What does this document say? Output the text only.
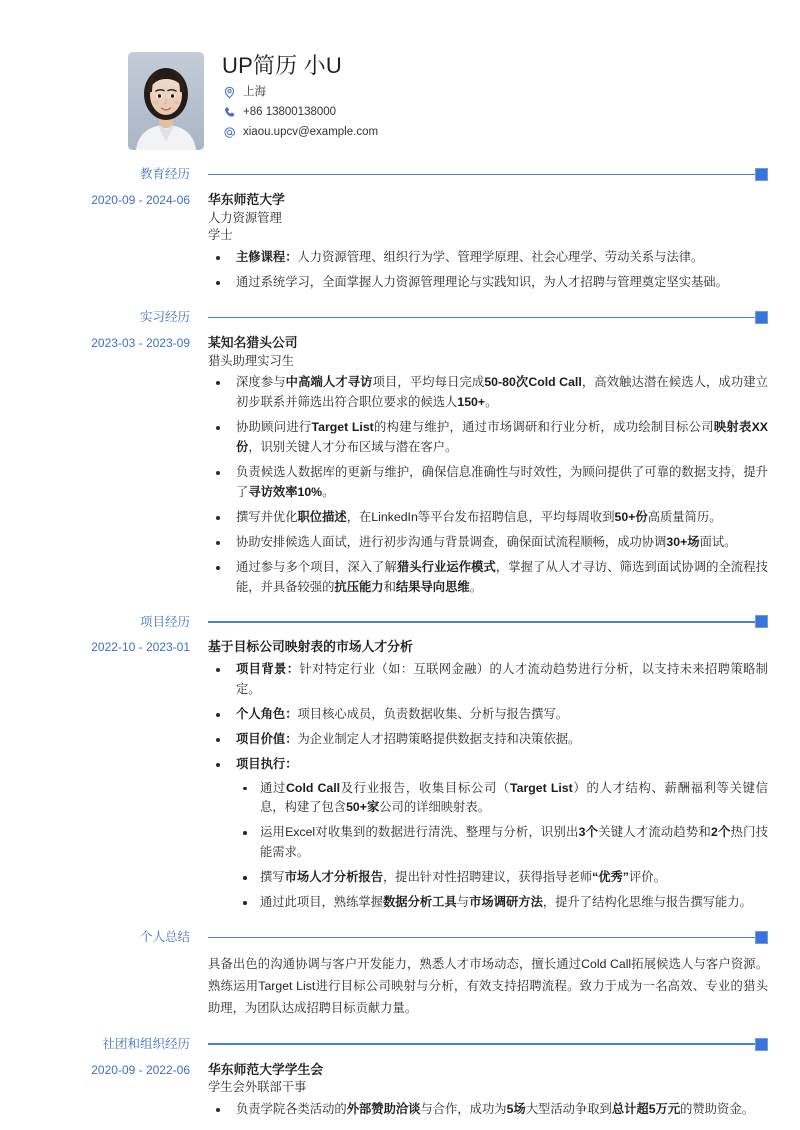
UP简历 小U
上海
+86 13800138000
xiaou.upcv@example.com
教育经历
2020-09 - 2024-06	华东师范大学
人力资源管理
学士
主修课程：人力资源管理、组织行为学、管理学原理、社会心理学、劳动关系与法律。
通过系统学习，全面掌握人力资源管理理论与实践知识，为人才招聘与管理奠定坚实基础。
实习经历
2023-03 - 2023-09	某知名猎头公司
猎头助理实习生
深度参与中高端人才寻访项目，平均每日完成50-80次Cold Call，高效触达潜在候选人，成功建立初步联系并筛选出符合职位要求的候选人150+。
协助顾问进行Target List的构建与维护，通过市场调研和行业分析，成功绘制目标公司映射表XX份，识别关键人才分布区域与潜在客户。
负责候选人数据库的更新与维护，确保信息准确性与时效性，为顾问提供了可靠的数据支持，提升了寻访效率10%。
撰写并优化职位描述，在LinkedIn等平台发布招聘信息，平均每周收到50+份高质量简历。
协助安排候选人面试，进行初步沟通与背景调查，确保面试流程顺畅，成功协调30+场面试。
通过参与多个项目，深入了解猎头行业运作模式，掌握了从人才寻访、筛选到面试协调的全流程技能，并具备较强的抗压能力和结果导向思维。
项目经历
2022-10 - 2023-01	基于目标公司映射表的市场人才分析
项目背景：针对特定行业（如：互联网金融）的人才流动趋势进行分析，以支持未来招聘策略制定。
个人角色：项目核心成员，负责数据收集、分析与报告撰写。
项目价值：为企业制定人才招聘策略提供数据支持和决策依据。
项目执行：
通过Cold Call及行业报告，收集目标公司（Target List）的人才结构、薪酬福利等关键信息，构建了包含50+家公司的详细映射表。
运用Excel对收集到的数据进行清洗、整理与分析，识别出3个关键人才流动趋势和2个热门技能需求。
撰写市场人才分析报告，提出针对性招聘建议，获得指导老师“优秀”评价。
通过此项目，熟练掌握数据分析工具与市场调研方法，提升了结构化思维与报告撰写能力。
个人总结

具备出色的沟通协调与客户开发能力，熟悉人才市场动态，擅长通过Cold Call拓展候选人与客户资源。熟练运用Target List进行目标公司映射与分析，有效支持招聘流程。致力于成为一名高效、专业的猎头助理，为团队达成招聘目标贡献力量。

社团和组织经历
2020-09 - 2022-06	华东师范大学学生会
学生会外联部干事
负责学院各类活动的外部赞助洽谈与合作，成功为5场大型活动争取到总计超5万元的赞助资金。
